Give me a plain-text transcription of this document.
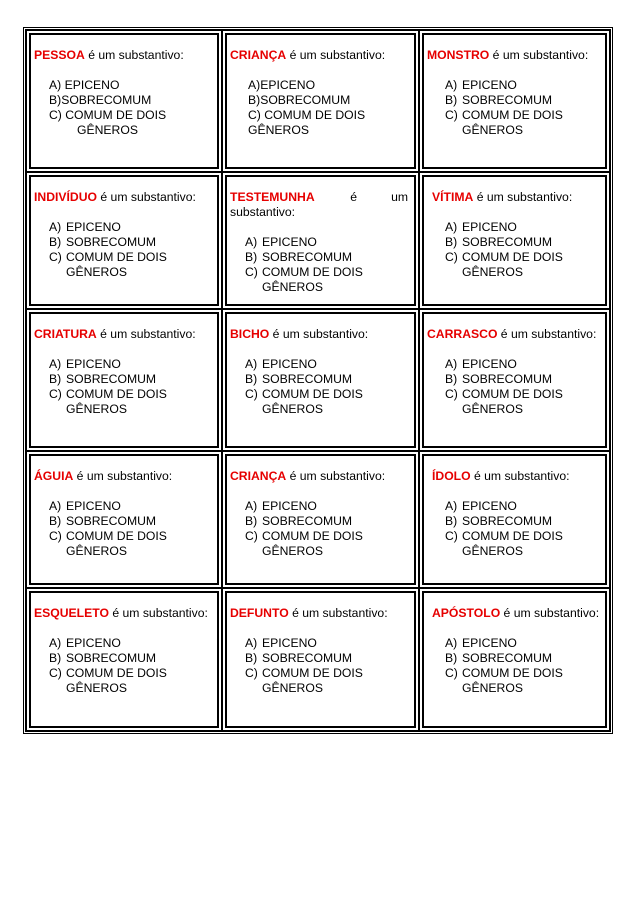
PESSOA é um substantivo:
A) EPICENO
B)SOBRECOMUM
C) COMUM DE DOIS
GÊNEROS
CRIANÇA é um substantivo:
A)EPICENO
B)SOBRECOMUM
C) COMUM DE DOIS
GÊNEROS
MONSTRO é um substantivo:
A) EPICENO
B) SOBRECOMUM
C) COMUM DE DOIS
GÊNEROS
INDIVÍDUO é um substantivo:
A) EPICENO
B) SOBRECOMUM
C) COMUM DE DOIS
GÊNEROS
TESTEMUNHA	é	um
substantivo:
A) EPICENO
B) SOBRECOMUM
C) COMUM DE DOIS
GÊNEROS
VÍTIMA é um substantivo:
A) EPICENO
B) SOBRECOMUM
C) COMUM DE DOIS
GÊNEROS
CRIATURA é um substantivo:
A) EPICENO
B) SOBRECOMUM
C) COMUM DE DOIS
GÊNEROS
BICHO é um substantivo:
A) EPICENO
B) SOBRECOMUM
C) COMUM DE DOIS
GÊNEROS
CARRASCO é um substantivo:
A) EPICENO
B) SOBRECOMUM
C) COMUM DE DOIS
GÊNEROS
ÁGUIA é um substantivo:
A) EPICENO
B) SOBRECOMUM
C) COMUM DE DOIS
GÊNEROS
CRIANÇA é um substantivo:
A) EPICENO
B) SOBRECOMUM
C) COMUM DE DOIS
GÊNEROS
ÍDOLO é um substantivo:
A) EPICENO
B) SOBRECOMUM
C) COMUM DE DOIS
GÊNEROS
ESQUELETO é um substantivo:
A) EPICENO
B) SOBRECOMUM
C) COMUM DE DOIS
GÊNEROS
DEFUNTO é um substantivo:
A) EPICENO
B) SOBRECOMUM
C) COMUM DE DOIS
GÊNEROS
APÓSTOLO é um substantivo:
A) EPICENO
B) SOBRECOMUM
C) COMUM DE DOIS
GÊNEROS
